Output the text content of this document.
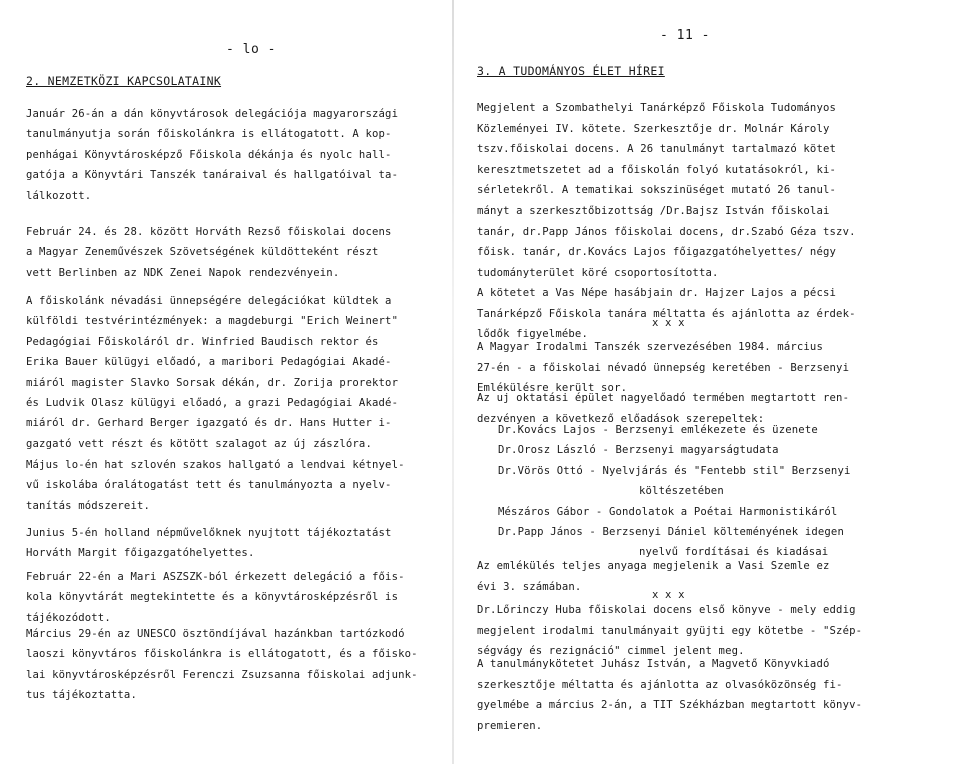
- lo -
2. NEMZETKÖZI KAPCSOLATAINK
Január 26-án a dán könyvtárosok delegációja magyarországi
tanulmányutja során főiskolánkra is ellátogatott. A kop-
penhágai Könyvtárosképző Főiskola dékánja és nyolc hall-
gatója a Könyvtári Tanszék tanáraival és hallgatóival ta-
lálkozott.
Február 24. és 28. között Horváth Rezső főiskolai docens
a Magyar Zeneművészek Szövetségének küldötteként részt
vett Berlinben az NDK Zenei Napok rendezvényein.
A főiskolánk névadási ünnepségére delegációkat küldtek a
külföldi testvérintézmények: a magdeburgi "Erich Weinert"
Pedagógiai Főiskoláról dr. Winfried Baudisch rektor és
Erika Bauer külügyi előadó, a maribori Pedagógiai Akadé-
miáról magister Slavko Sorsak dékán, dr. Zorija prorektor
és Ludvik Olasz külügyi előadó, a grazi Pedagógiai Akadé-
miáról dr. Gerhard Berger igazgató és dr. Hans Hutter i-
gazgató vett részt és kötött szalagot az új zászlóra.
Május lo-én hat szlovén szakos hallgató a lendvai kétnyel-
vű iskolába óralátogatást tett és tanulmányozta a nyelv-
tanítás módszereit.
Junius 5-én holland népművelőknek nyujtott tájékoztatást
Horváth Margit főigazgatóhelyettes.
Február 22-én a Mari ASZSZK-ból érkezett delegáció a főis-
kola könyvtárát megtekintette és a könyvtárosképzésről is
tájékozódott.
Március 29-én az UNESCO ösztöndíjával hazánkban tartózkodó
laoszi könyvtáros főiskolánkra is ellátogatott, és a főisko-
lai könyvtárosképzésről Ferenczi Zsuzsanna főiskolai adjunk-
tus tájékoztatta.
- 11 -
3. A TUDOMÁNYOS ÉLET HÍREI
Megjelent a Szombathelyi Tanárképző Főiskola Tudományos
Közleményei IV. kötete. Szerkesztője dr. Molnár Károly
tszv.főiskolai docens. A 26 tanulmányt tartalmazó kötet
keresztmetszetet ad a főiskolán folyó kutatásokról, ki-
sérletekről. A tematikai sokszinüséget mutató 26 tanul-
mányt a szerkesztőbizottság /Dr.Bajsz István főiskolai
tanár, dr.Papp János főiskolai docens, dr.Szabó Géza tszv.
főisk. tanár, dr.Kovács Lajos főigazgatóhelyettes/ négy
tudományterület köré csoportosította.
A kötetet a Vas Népe hasábjain dr. Hajzer Lajos a pécsi
Tanárképző Főiskola tanára méltatta és ajánlotta az érdek-
lődők figyelmébe.
x x x
A Magyar Irodalmi Tanszék szervezésében 1984. március
27-én - a főiskolai névadó ünnepség keretében - Berzsenyi
Emlékülésre került sor.
Az uj oktatási épület nagyelőadó termében megtartott ren-
dezvényen a következő előadások szerepeltek:
Dr.Kovács Lajos - Berzsenyi emlékezete és üzenete
Dr.Orosz László - Berzsenyi magyarságtudata
Dr.Vörös Ottó - Nyelvjárás és "Fentebb stil" Berzsenyi
költészetében
Mészáros Gábor - Gondolatok a Poétai Harmonistikáról
Dr.Papp János - Berzsenyi Dániel költeményének idegen
nyelvű fordításai és kiadásai
Az emlékülés teljes anyaga megjelenik a Vasi Szemle ez
évi 3. számában.
x x x
Dr.Lőrinczy Huba főiskolai docens első könyve - mely eddig
megjelent irodalmi tanulmányait gyüjti egy kötetbe - "Szép-
ségvágy és rezignáció" cimmel jelent meg.
A tanulmánykötetet Juhász István, a Magvető Könyvkiadó
szerkesztője méltatta és ajánlotta az olvasóközönség fi-
gyelmébe a március 2-án, a TIT Székházban megtartott könyv-
premieren.
